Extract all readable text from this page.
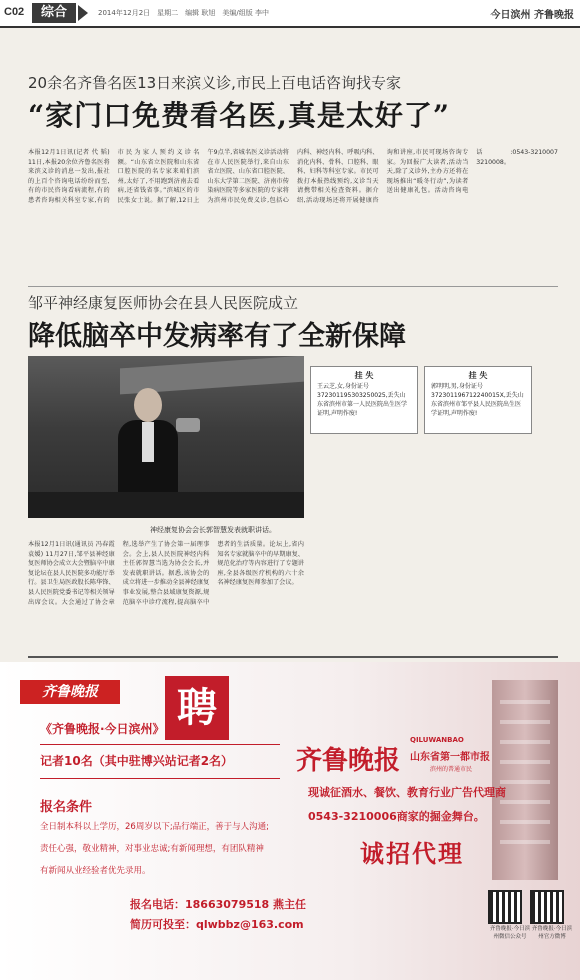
C02	综合	2014年12月2日　星期二　编辑 耿旭　美编/组版 李中	今日滨州 齐鲁晚报
20余名齐鲁名医13日来滨义诊,市民上百电话咨询找专家
“家门口免费看名医,真是太好了”
本报12月1日讯(记者 代 韬) 11日,本报20余位齐鲁名医将来滨义诊的消息一发出,报社的上百个咨询电话纷纷而至,有的市民咨询看病流程,有的患者咨询相关科室专家,有的市民为家人预约义诊名额。“山东省立医院和山东省口腔医院的名专家来咱们滨州,太好了,不用跑到济南去看病,还省钱省事。”滨城区的市民张女士说。据了解,12日上午9点半,省城名医义诊活动将在市人民医院举行,来自山东省立医院、山东省口腔医院、山东大学第二医院、济南市传染病医院等多家医院的专家将为滨州市民免费义诊,包括心内科、神经内科、呼吸内科、消化内科、骨科、口腔科、眼科、妇科等科室专家。市民可拨打本报热线预约,义诊当天请携带相关检查资料。据介绍,活动现场还将开展健康咨询和讲座,市民可现场咨询专家。为回报广大读者,活动当天,除了义诊外,主办方还将在现场推出“暖冬行动”,为读者送出健康礼包。活动咨询电话:0543-3210007 3210008。
邹平神经康复医师协会在县人民医院成立
降低脑卒中发病率有了全新保障
神经康复协会会长郭智慧发表就职讲话。
本报12月1日讯(通讯员 冯春霞 袁媛) 11月27日,邹平县神经康复医师协会成立大会暨脑卒中康复论坛在县人民医院多功能厅举行。县卫生局医政股长陈华锋、县人民医院党委书记等相关领导出席会议。大会通过了协会章程,选举产生了协会第一届理事会。会上,县人民医院神经内科主任郭智慧当选为协会会长,并发表就职讲话。据悉,该协会的成立将进一步推动全县神经康复事业发展,整合县域康复资源,规范脑卒中诊疗流程,提高脑卒中患者的生活质量。论坛上,省内知名专家就脑卒中的早期康复、规范化治疗等内容进行了专题讲座,全县各级医疗机构的六十余名神经康复医师参加了会议。
挂 失
王云芝,女,身份证号372301195303250025,丢失山东省滨州市第一人民医院出生医学证明,声明作废!
挂 失
郭明明,男,身份证号372301196712240015X,丢失山东省滨州市邹平县人民医院出生医学证明,声明作废!
齐鲁晚报	聘
《齐鲁晚报·今日滨州》
记者10名（其中驻博兴站记者2名）
报名条件
全日制本科以上学历，26周岁以下;品行端正，善于与人沟通;
责任心强，敬业精神，对事业忠诚;有新闻理想，有团队精神
有新闻从业经验者优先录用。
报名电话：18663079518 燕主任
简历可投至：qlwbbz@163.com
齐鲁晚报
QILUWANBAO
山东省第一都市报
滨州的普通市民
现诚征酒水、餐饮、教育行业广告代理商
0543-3210006商家的掘金舞台。
诚招代理
齐鲁晚报·今日滨州微信公众号
齐鲁晚报·今日滨州官方微博
